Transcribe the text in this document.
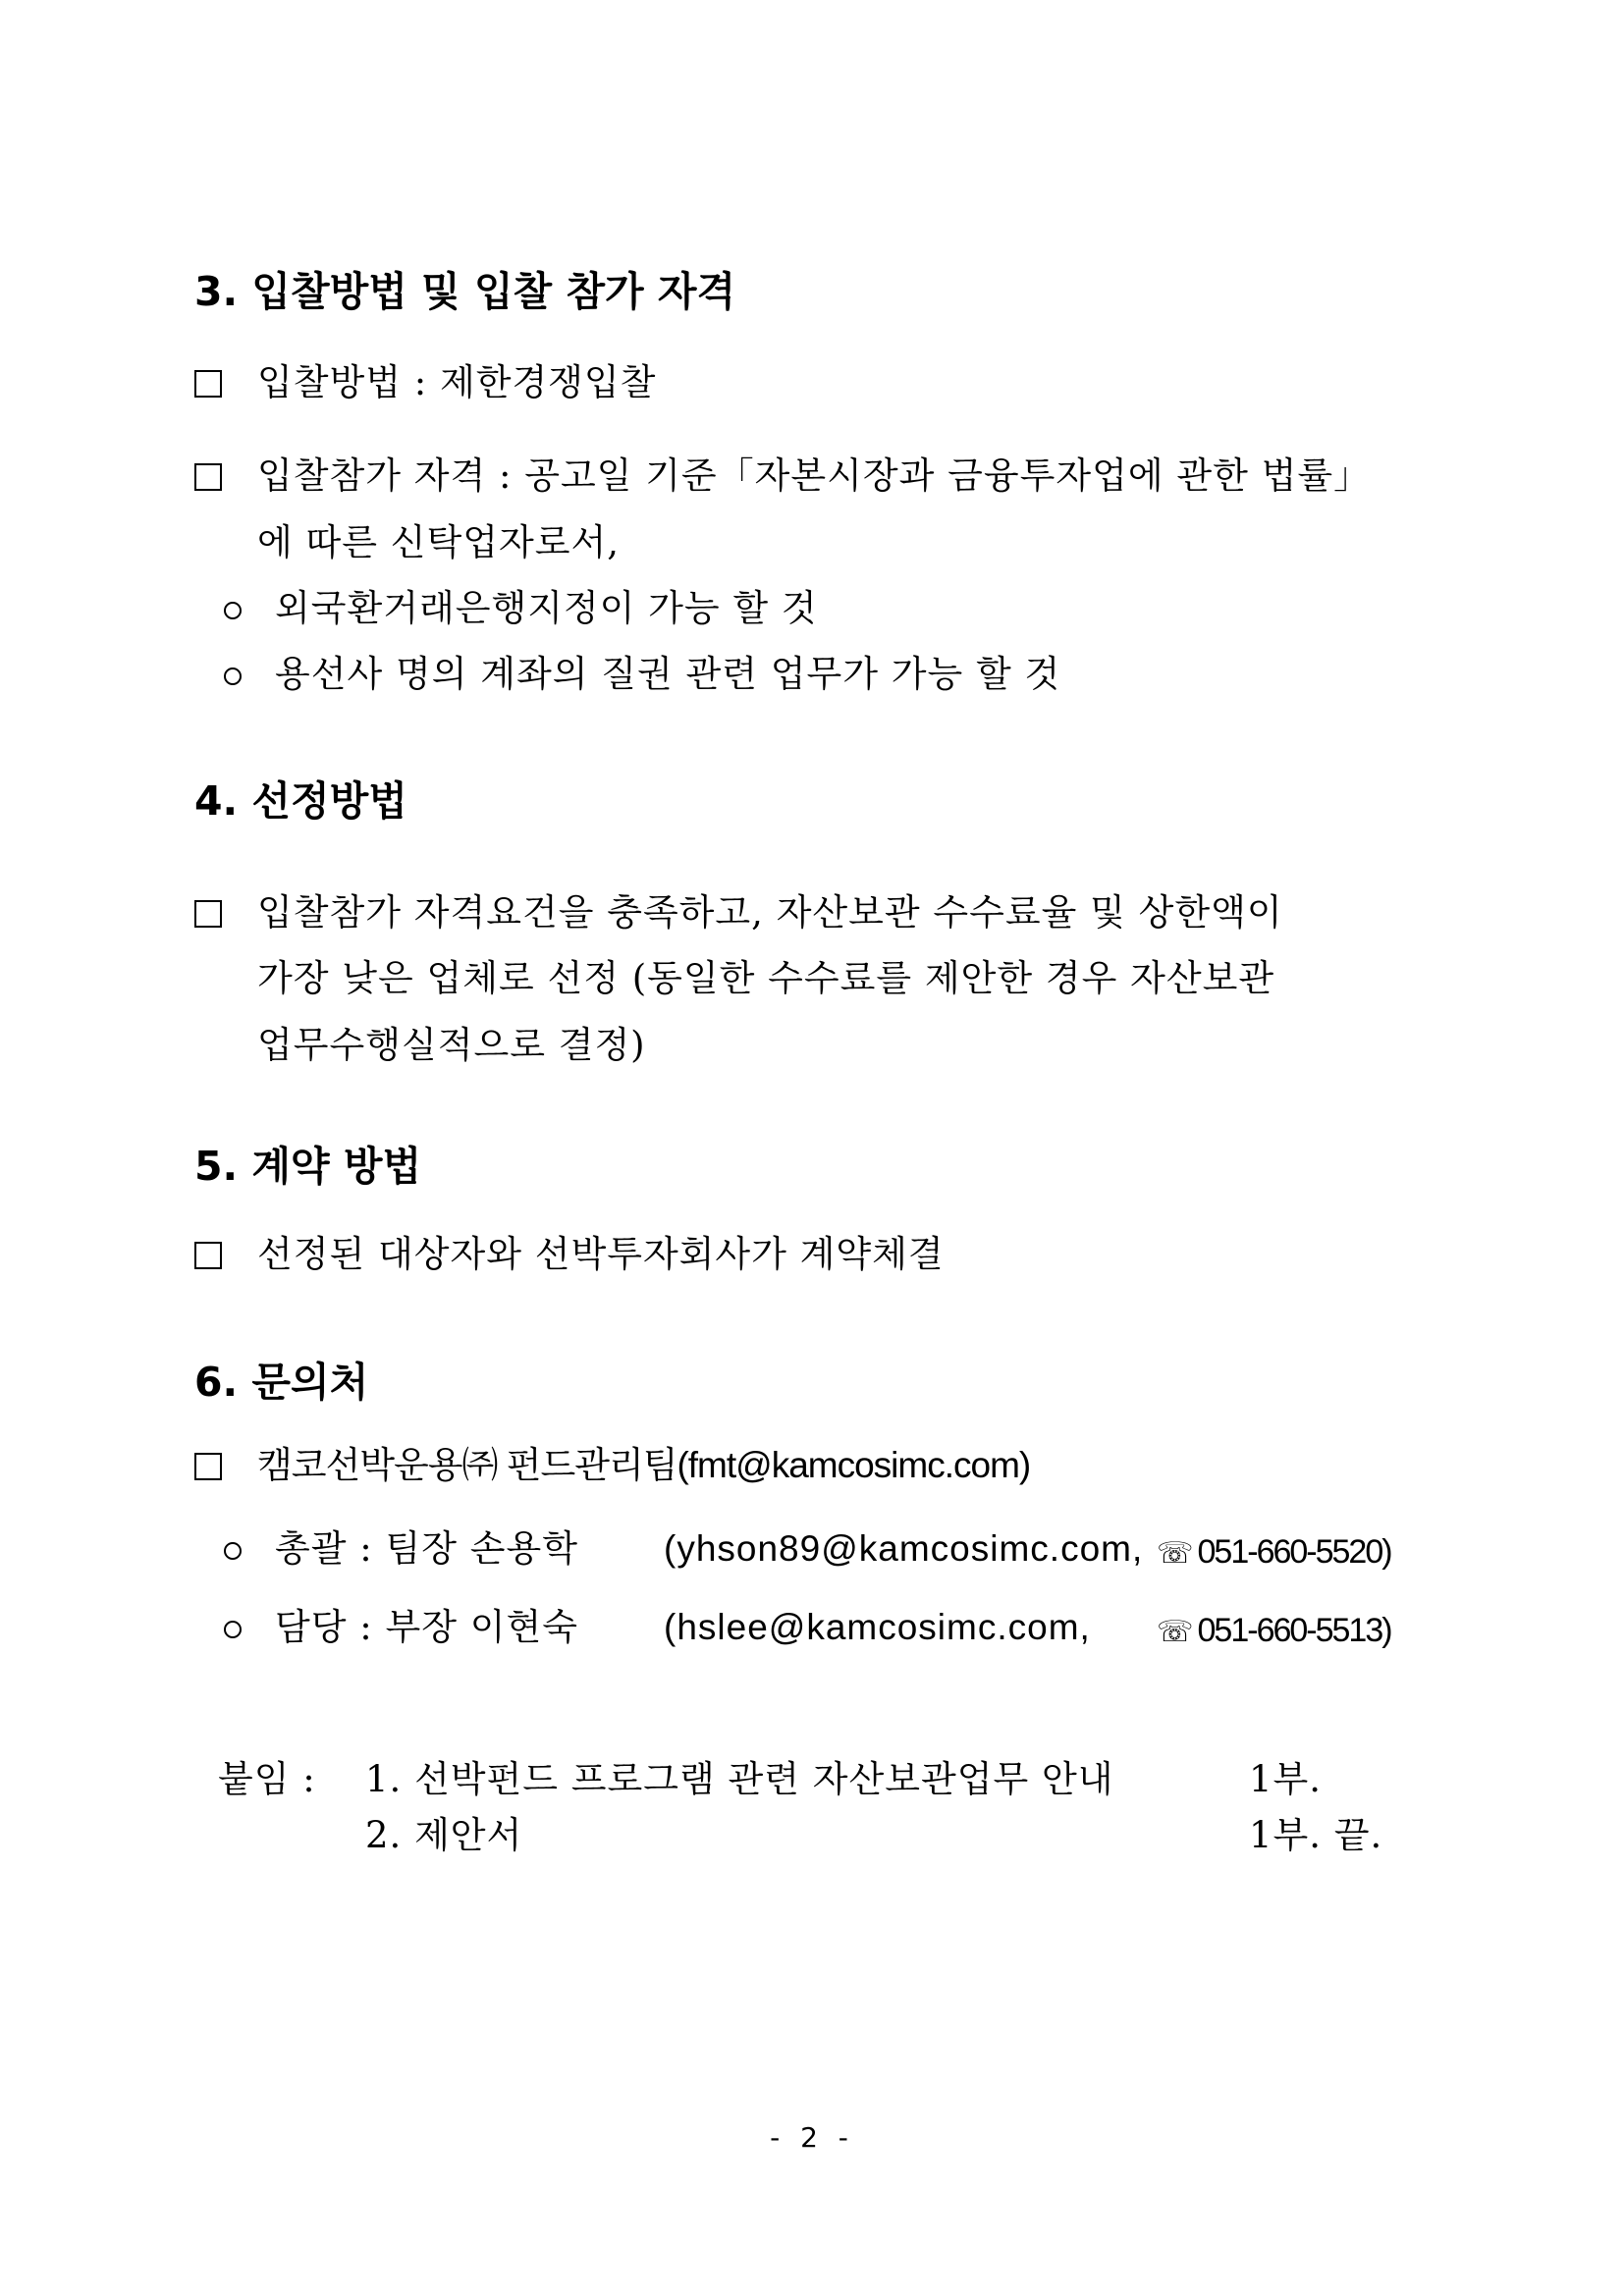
3. 입찰방법 및 입찰 참가 자격
입찰방법 : 제한경쟁입찰
입찰참가 자격 : 공고일 기준「자본시장과 금융투자업에 관한 법률」
에 따른 신탁업자로서,
외국환거래은행지정이 가능 할 것
용선사 명의 계좌의 질권 관련 업무가 가능 할 것
4. 선정방법
입찰참가 자격요건을 충족하고, 자산보관 수수료율 및 상한액이
가장 낮은 업체로 선정 (동일한 수수료를 제안한 경우 자산보관
업무수행실적으로 결정)
5. 계약 방법
선정된 대상자와 선박투자회사가 계약체결
6. 문의처
캠코선박운용㈜ 펀드관리팀(fmt@kamcosimc.com)
총괄 : 팀장 손용학 (yhson89@kamcosimc.com, ☏ 051-660-5520)
담당 : 부장 이현숙 (hslee@kamcosimc.com, ☏ 051-660-5513)
붙임 : 1. 선박펀드 프로그램 관련 자산보관업무 안내	1부.
2. 제안서	1부. 끝.
- 2 -
